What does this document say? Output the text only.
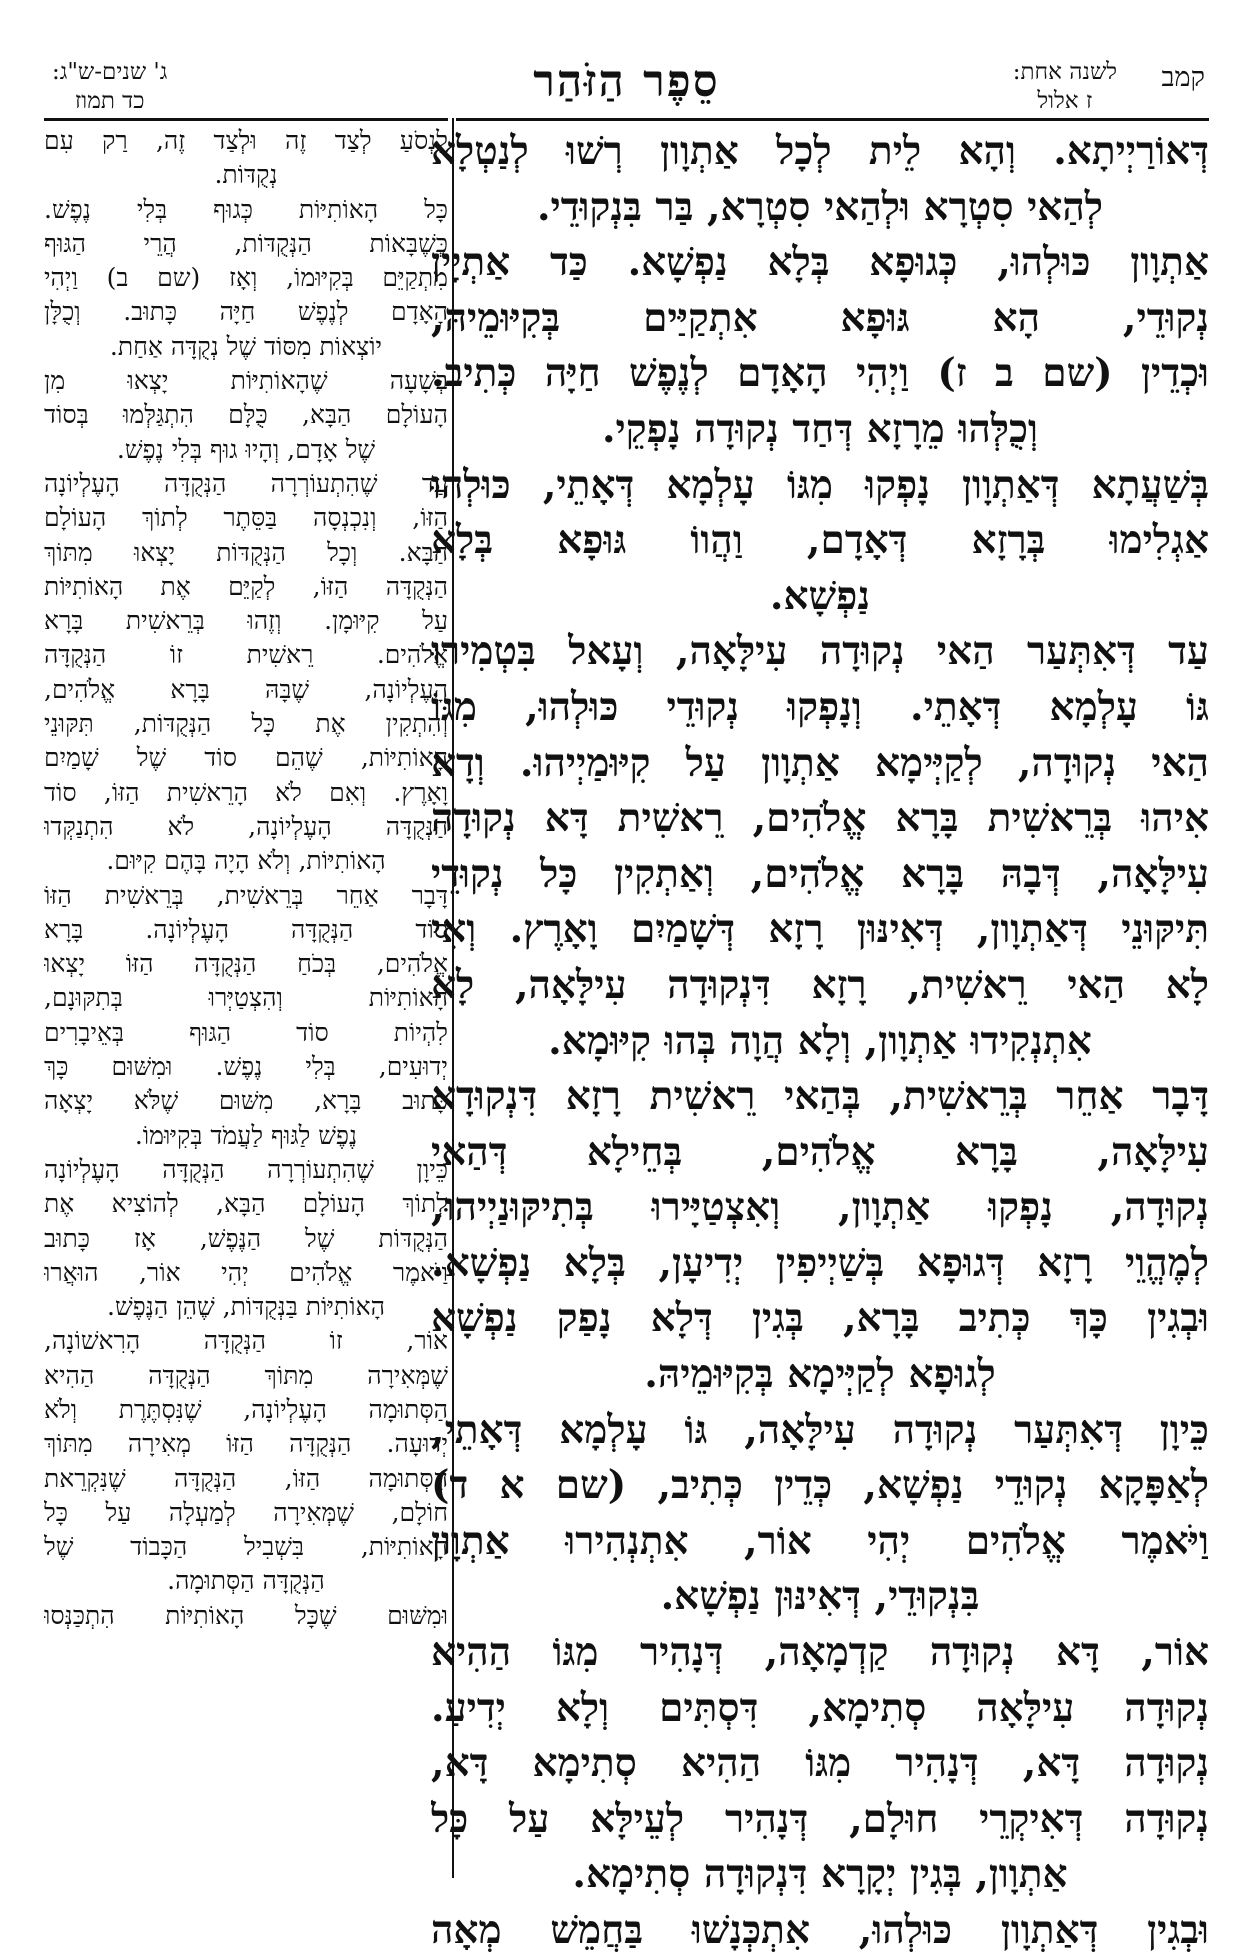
קמב
לשנה אחת:
ז אלול
סֵפֶר הַזֹּהַר
ג' שנים-ש"ג:
כד תמוז
דְּאוֹרַיְיתָא. וְהָא לֵית לְכָל אַתְוָון רְשׁוּ לְנַטְלָא
לְהַאי סִטְרָא וּלְהַאי סִטְרָא, בַּר בִּנְקוּדֵי.
אַתְוָון כּוּלְהוּ, כְּגוּפָא בְּלָא נַפְשָׁא. כַּד אַתְיָין
נְקוּדֵי, הָא גּוּפָא אִתְקַיַּים בְּקִיּוּמֵיהּ,
וּכְדֵין (שם ב ז) וַיְהִי הָאָדָם לְנֶפֶשׁ חַיָּה כְּתִיב.
וְכֻלְּהוּ מֵרָזָא דְּחַד נְקוּדָה נָפְקֵי.
בְּשַׁעֲתָא דְּאַתְוָון נָפְקוּ מִגּוֹ עָלְמָא דְּאָתֵי, כּוּלְהוּ
אַגְלִימוּ בְּרָזָא דְּאָדָם, וַהֲווֹ גּוּפָא בְּלָא
נַפְשָׁא.
עַד דְּאִתְּעַר הַאי נְקוּדָה עִילָּאָה, וְעָאל בִּטְמִירוּ
גּוֹ עָלְמָא דְּאָתֵי. וְנָפְקוּ נְקוּדֵי כּוּלְהוּ, מִגּוֹ
הַאי נְקוּדָה, לְקַיְּימָא אַתְוָון עַל קִיּוּמַיְיהוּ. וְדָא
אִיהוּ בְּרֵאשִׁית בָּרָא אֱלֹהִים, רֵאשִׁית דָּא נְקוּדָה
עִילָּאָה, דְּבָהּ בָּרָא אֱלֹהִים, וְאַתְקִין כָּל נְקוּדֵי
תִּיקּוּנֵי דְּאַתְוָון, דְּאִינּוּן רָזָא דְּשָׁמַיִם וָאָרֶץ. וְאִי
לָא הַאי רֵאשִׁית, רָזָא דִּנְקוּדָה עִילָּאָה, לָא
אִתְנְקִידוּ אַתְוָון, וְלָא הֲוָה בְּהוּ קִיּוּמָא.
דָּבָר אַחֵר בְּרֵאשִׁית, בְּהַאי רֵאשִׁית רָזָא דִּנְקוּדָא
עִילָּאָה, בָּרָא אֱלֹהִים, בְּחֵילָא דְּהַאי
נְקוּדָה, נָפְקוּ אַתְוָון, וְאִצְטַיָּירוּ בְּתִיקּוּנַיְיהוּ,
לְמֶהֱוֵי רָזָא דְּגוּפָא בְּשַׁיְיפִין יְדִיעָן, בְּלָא נַפְשָׁא.
וּבְגִין כָּךְ כְּתִיב בָּרָא, בְּגִין דְּלָא נָפַק נַפְשָׁא
לְגוּפָא לְקַיְּימָא בְּקִיּוּמֵיהּ.
כֵּיוָן דְּאִתְּעַר נְקוּדָה עִילָּאָה, גּוֹ עָלְמָא דְּאָתֵי,
לְאַפָּקָא נְקוּדֵי נַפְשָׁא, כְּדֵין כְּתִיב, (שם א ד)
וַיֹּאמֶר אֱלֹהִים יְהִי אוֹר, אִתְנְהִירוּ אַתְוָון
בִּנְקוּדֵי, דְּאִינּוּן נַפְשָׁא.
אוֹר, דָּא נְקוּדָה קַדְמָאָה, דְּנָהִיר מִגּוֹ הַהִיא
נְקוּדָה עִילָּאָה סְתִימָא, דִּסְתִּים וְלָא יְדִיעַ.
נְקוּדָה דָּא, דְּנָהִיר מִגּוֹ הַהִיא סְתִימָא דָּא,
נְקוּדָה דְּאִיקְרֵי חוּלָם, דְּנָהִיר לְעֵילָּא עַל כָּל
אַתְוָון, בְּגִין יְקָרָא דִּנְקוּדָה סְתִימָא.
וּבְגִין דְּאַתְוָון כּוּלְהוּ, אִתְכְּנָשׁוּ בַּחֲמֵשׁ מְאָה
לִנְסֹעַ לְצַד זֶה וּלְצַד זֶה, רַק עִם
נְקֻדּוֹת.
כָּל הָאוֹתִיּוֹת כְּגוּף בְּלִי נֶפֶשׁ.
כְּשֶׁבָּאוֹת הַנְּקֻדּוֹת, הֲרֵי הַגּוּף
מִתְקַיֵּם בְּקִיּוּמוֹ, וְאָז (שם ב) וַיְהִי
הָאָדָם לְנֶפֶשׁ חַיָּה כָּתוּב. וְכֻלָּן
יוֹצְאוֹת מִסּוֹד שֶׁל נְקֻדָּה אַחַת.
בְּשָׁעָה שֶׁהָאוֹתִיּוֹת יָצְאוּ מִן
הָעוֹלָם הַבָּא, כֻּלָּם הִתְגַּלְּמוּ בְּסוֹד
שֶׁל אָדָם, וְהָיוּ גוּף בְּלִי נֶפֶשׁ.
עַד שֶׁהִתְעוֹרְרָה הַנְּקֻדָּה הָעֶלְיוֹנָה
הַזּוֹ, וְנִכְנְסָה בַּסֵּתֶר לְתוֹךְ הָעוֹלָם
הַבָּא. וְכָל הַנְּקֻדּוֹת יָצְאוּ מִתּוֹךְ
הַנְּקֻדָּה הַזּוֹ, לְקַיֵּם אֶת הָאוֹתִיּוֹת
עַל קִיּוּמָן. וְזֶהוּ בְּרֵאשִׁית בָּרָא
אֱלֹהִים. רֵאשִׁית זוֹ הַנְּקֻדָּה
הָעֶלְיוֹנָה, שֶׁבָּהּ בָּרָא אֱלֹהִים,
וְהִתְקִין אֶת כָּל הַנְּקֻדּוֹת, תִּקּוּנֵי
הָאוֹתִיּוֹת, שֶׁהֵם סוֹד שֶׁל שָׁמַיִם
וָאָרֶץ. וְאִם לֹא הָרֵאשִׁית הַזּוֹ, סוֹד
הַנְּקֻדָּה הָעֶלְיוֹנָה, לֹא הִתְנַקְּדוּ
הָאוֹתִיּוֹת, וְלֹא הָיָה בָּהֶם קִיּוּם.
דָּבָר אַחֵר בְּרֵאשִׁית, בְּרֵאשִׁית הַזּוֹ
סוֹד הַנְּקֻדָּה הָעֶלְיוֹנָה. בָּרָא
אֱלֹהִים, בְּכֹחַ הַנְּקֻדָּה הַזּוֹ יָצְאוּ
הָאוֹתִיּוֹת וְהִצְטַיְּרוּ בְּתִקּוּנָם,
לִהְיוֹת סוֹד הַגּוּף בְּאֵיבָרִים
יְדוּעִים, בְּלִי נֶפֶשׁ. וּמִשּׁוּם כָּךְ
כָּתוּב בָּרָא, מִשּׁוּם שֶׁלֹּא יָצְאָה
נֶפֶשׁ לַגּוּף לַעֲמֹד בְּקִיּוּמוֹ.
כֵּיוָן שֶׁהִתְעוֹרְרָה הַנְּקֻדָּה הָעֶלְיוֹנָה
לְתוֹךְ הָעוֹלָם הַבָּא, לְהוֹצִיא אֶת
הַנְּקֻדּוֹת שֶׁל הַנֶּפֶשׁ, אָז כָּתוּב
וַיֹּאמֶר אֱלֹהִים יְהִי אוֹר, הוּאֲרוּ
הָאוֹתִיּוֹת בַּנְּקֻדּוֹת, שֶׁהֵן הַנֶּפֶשׁ.
אוֹר, זוֹ הַנְּקֻדָּה הָרִאשׁוֹנָה,
שֶׁמְּאִירָה מִתּוֹךְ הַנְּקֻדָּה הַהִיא
הַסְּתוּמָה הָעֶלְיוֹנָה, שֶׁנִּסְתֶּרֶת וְלֹא
יְדוּעָה. הַנְּקֻדָּה הַזּוֹ מְאִירָה מִתּוֹךְ
הַסְּתוּמָה הַזּוֹ, הַנְּקֻדָּה שֶׁנִּקְרֵאת
חוֹלָם, שֶׁמְּאִירָה לְמַעְלָה עַל כָּל
הָאוֹתִיּוֹת, בִּשְׁבִיל הַכָּבוֹד שֶׁל
הַנְּקֻדָּה הַסְּתוּמָה.
וּמִשּׁוּם שֶׁכָּל הָאוֹתִיּוֹת הִתְכַּנְּסוּ
